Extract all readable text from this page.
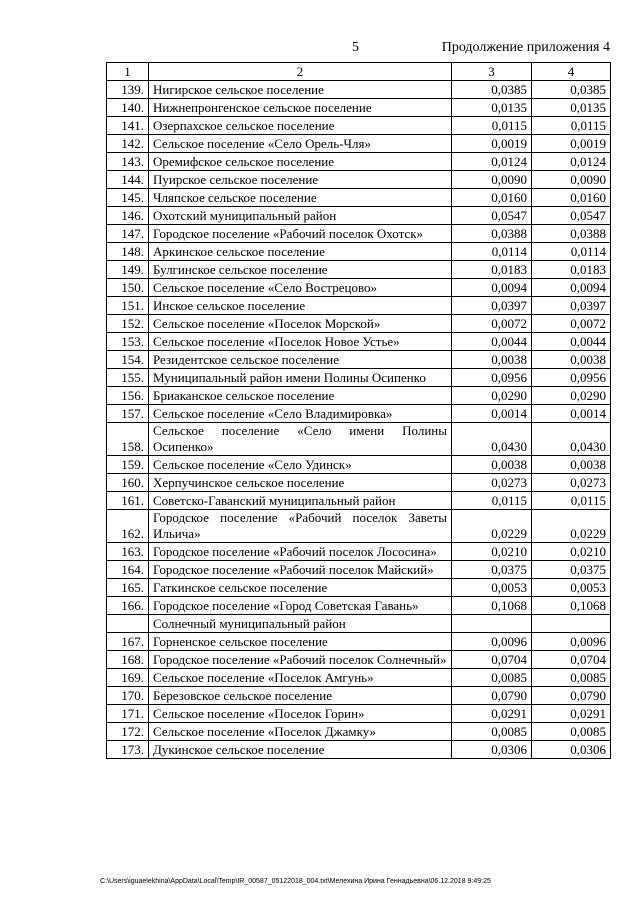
5	Продолжение приложения 4
1	2	3	4
139.	Нигирское сельское поселение	0,0385	0,0385
140.	Нижнепронгенское сельское поселение	0,0135	0,0135
141.	Озерпахское сельское поселение	0,0115	0,0115
142.	Сельское поселение «Село Орель-Чля»	0,0019	0,0019
143.	Оремифское сельское поселение	0,0124	0,0124
144.	Пуирское сельское поселение	0,0090	0,0090
145.	Чляпское сельское поселение	0,0160	0,0160
146.	Охотский муниципальный район	0,0547	0,0547
147.	Городское поселение «Рабочий поселок Охотск»	0,0388	0,0388
148.	Аркинское сельское поселение	0,0114	0,0114
149.	Булгинское сельское поселение	0,0183	0,0183
150.	Сельское поселение «Село Вострецово»	0,0094	0,0094
151.	Инское сельское поселение	0,0397	0,0397
152.	Сельское поселение «Поселок Морской»	0,0072	0,0072
153.	Сельское поселение «Поселок Новое Устье»	0,0044	0,0044
154.	Резидентское сельское поселение	0,0038	0,0038
155.	Муниципальный район имени Полины Осипенко	0,0956	0,0956
156.	Бриаканское сельское поселение	0,0290	0,0290
157.	Сельское поселение «Село Владимировка»	0,0014	0,0014
158.	Сельское поселение «Село имени Полины Осипенко»	0,0430	0,0430
159.	Сельское поселение «Село Удинск»	0,0038	0,0038
160.	Херпучинское сельское поселение	0,0273	0,0273
161.	Советско-Гаванский муниципальный район	0,0115	0,0115
162.	Городское поселение «Рабочий поселок Заветы Ильича»	0,0229	0,0229
163.	Городское поселение «Рабочий поселок Лососина»	0,0210	0,0210
164.	Городское поселение «Рабочий поселок Майский»	0,0375	0,0375
165.	Гаткинское сельское поселение	0,0053	0,0053
166.	Городское поселение «Город Советская Гавань»	0,1068	0,1068
	Солнечный муниципальный район		
167.	Горненское сельское поселение	0,0096	0,0096
168.	Городское поселение «Рабочий поселок Солнечный»	0,0704	0,0704
169.	Сельское поселение «Поселок Амгунь»	0,0085	0,0085
170.	Березовское сельское поселение	0,0790	0,0790
171.	Сельское поселение «Поселок Горин»	0,0291	0,0291
172.	Сельское поселение «Поселок Джамку»	0,0085	0,0085
173.	Дукинское сельское поселение	0,0306	0,0306
C:\Users\iguaelekhina\AppData\Local\Temp\IR_00587_05122018_004.txt\Мелехина Ирина Геннадьевна\06.12.2018 9:49:25
